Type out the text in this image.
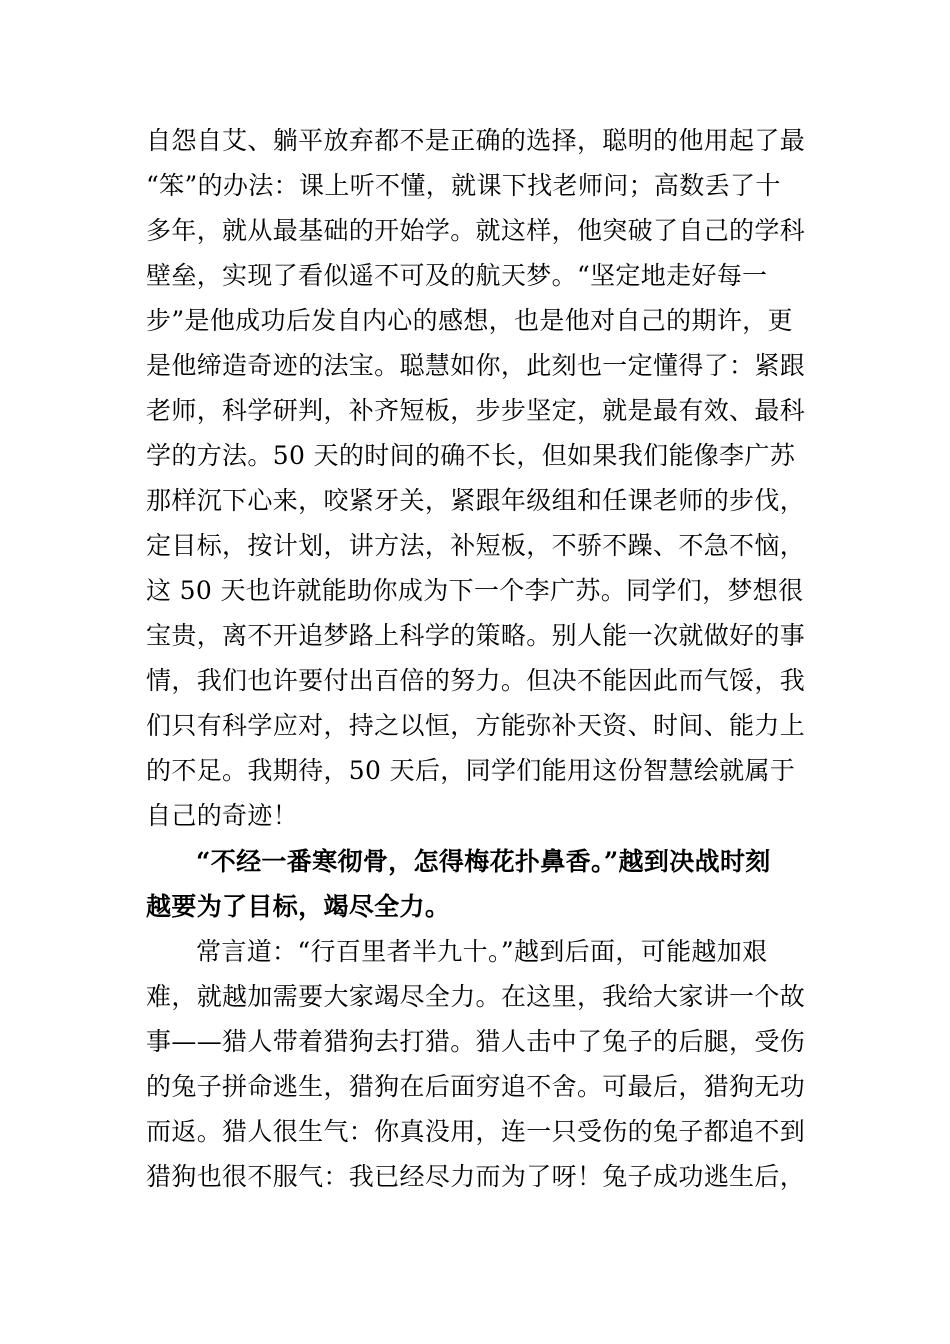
自怨自艾、躺平放弃都不是正确的选择，聪明的他用起了最
“笨”的办法：课上听不懂，就课下找老师问；高数丢了十
多年，就从最基础的开始学。就这样，他突破了自己的学科
壁垒，实现了看似遥不可及的航天梦。“坚定地走好每一
步”是他成功后发自内心的感想，也是他对自己的期许，更
是他缔造奇迹的法宝。聪慧如你，此刻也一定懂得了：紧跟
老师，科学研判，补齐短板，步步坚定，就是最有效、最科
学的方法。50 天的时间的确不长，但如果我们能像李广苏
那样沉下心来，咬紧牙关，紧跟年级组和任课老师的步伐，
定目标，按计划，讲方法，补短板，不骄不躁、不急不恼，
这 50 天也许就能助你成为下一个李广苏。同学们，梦想很
宝贵，离不开追梦路上科学的策略。别人能一次就做好的事
情，我们也许要付出百倍的努力。但决不能因此而气馁，我
们只有科学应对，持之以恒，方能弥补天资、时间、能力上
的不足。我期待，50 天后，同学们能用这份智慧绘就属于
自己的奇迹！
“不经一番寒彻骨，怎得梅花扑鼻香。”越到决战时刻
越要为了目标，竭尽全力。
常言道：“行百里者半九十。”越到后面，可能越加艰
难，就越加需要大家竭尽全力。在这里，我给大家讲一个故
事——猎人带着猎狗去打猎。猎人击中了兔子的后腿，受伤
的兔子拼命逃生，猎狗在后面穷追不舍。可最后，猎狗无功
而返。猎人很生气：你真没用，连一只受伤的兔子都追不到
猎狗也很不服气：我已经尽力而为了呀！兔子成功逃生后，
